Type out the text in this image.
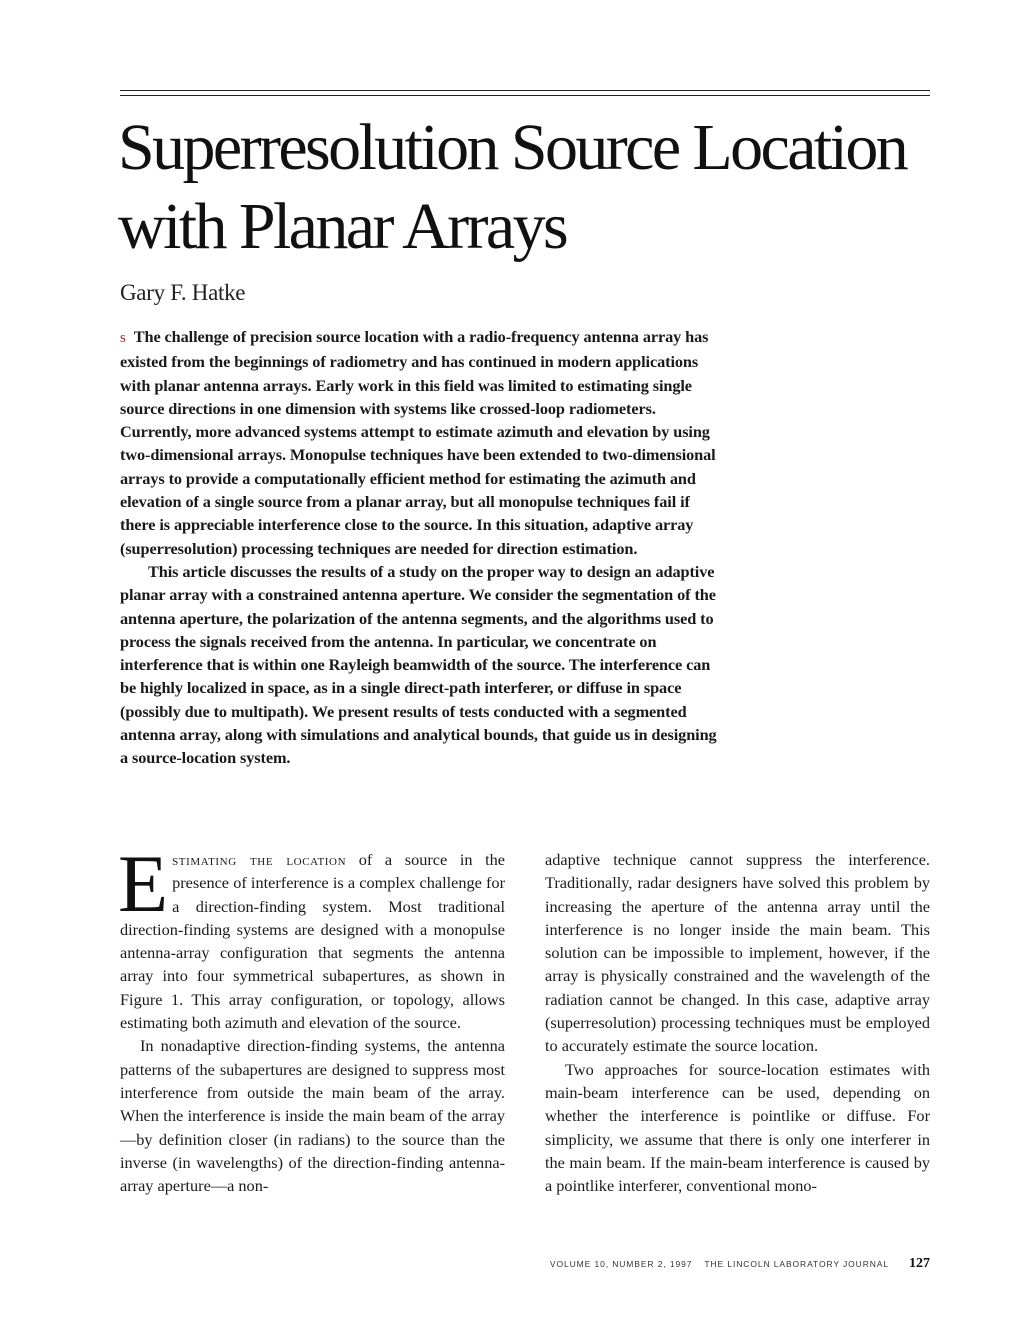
Superresolution Source Location
with Planar Arrays
Gary F. Hatke

s The challenge of precision source location with a radio-frequency antenna array has existed from the beginnings of radiometry and has continued in modern applications with planar antenna arrays. Early work in this field was limited to estimating single source directions in one dimension with systems like crossed-loop radiometers. Currently, more advanced systems attempt to estimate azimuth and elevation by using two-dimensional arrays. Monopulse techniques have been extended to two-dimensional arrays to provide a computationally efficient method for estimating the azimuth and elevation of a single source from a planar array, but all monopulse techniques fail if there is appreciable interference close to the source. In this situation, adaptive array (superresolution) processing techniques are needed for direction estimation.

This article discusses the results of a study on the proper way to design an adaptive planar array with a constrained antenna aperture. We consider the segmentation of the antenna aperture, the polarization of the antenna segments, and the algorithms used to process the signals received from the antenna. In particular, we concentrate on interference that is within one Rayleigh beamwidth of the source. The interference can be highly localized in space, as in a single direct-path interferer, or diffuse in space (possibly due to multipath). We present results of tests conducted with a segmented antenna array, along with simulations and analytical bounds, that guide us in designing a source-location system.

Estimating the location of a source in the presence of interference is a complex challenge for a direction-finding system. Most traditional direction-finding systems are designed with a monopulse antenna-array configuration that segments the antenna array into four symmetrical subapertures, as shown in Figure 1. This array configuration, or topology, allows estimating both azimuth and elevation of the source.

In nonadaptive direction-finding systems, the antenna patterns of the subapertures are designed to suppress most interference from outside the main beam of the array. When the interference is inside the main beam of the array—by definition closer (in radians) to the source than the inverse (in wavelengths) of the direction-finding antenna-array aperture—a non-

adaptive technique cannot suppress the interference. Traditionally, radar designers have solved this problem by increasing the aperture of the antenna array until the interference is no longer inside the main beam. This solution can be impossible to implement, however, if the array is physically constrained and the wavelength of the radiation cannot be changed. In this case, adaptive array (superresolution) processing techniques must be employed to accurately estimate the source location.

Two approaches for source-location estimates with main-beam interference can be used, depending on whether the interference is pointlike or diffuse. For simplicity, we assume that there is only one interferer in the main beam. If the main-beam interference is caused by a pointlike interferer, conventional mono-

VOLUME 10, NUMBER 2, 1997 THE LINCOLN LABORATORY JOURNAL 127
